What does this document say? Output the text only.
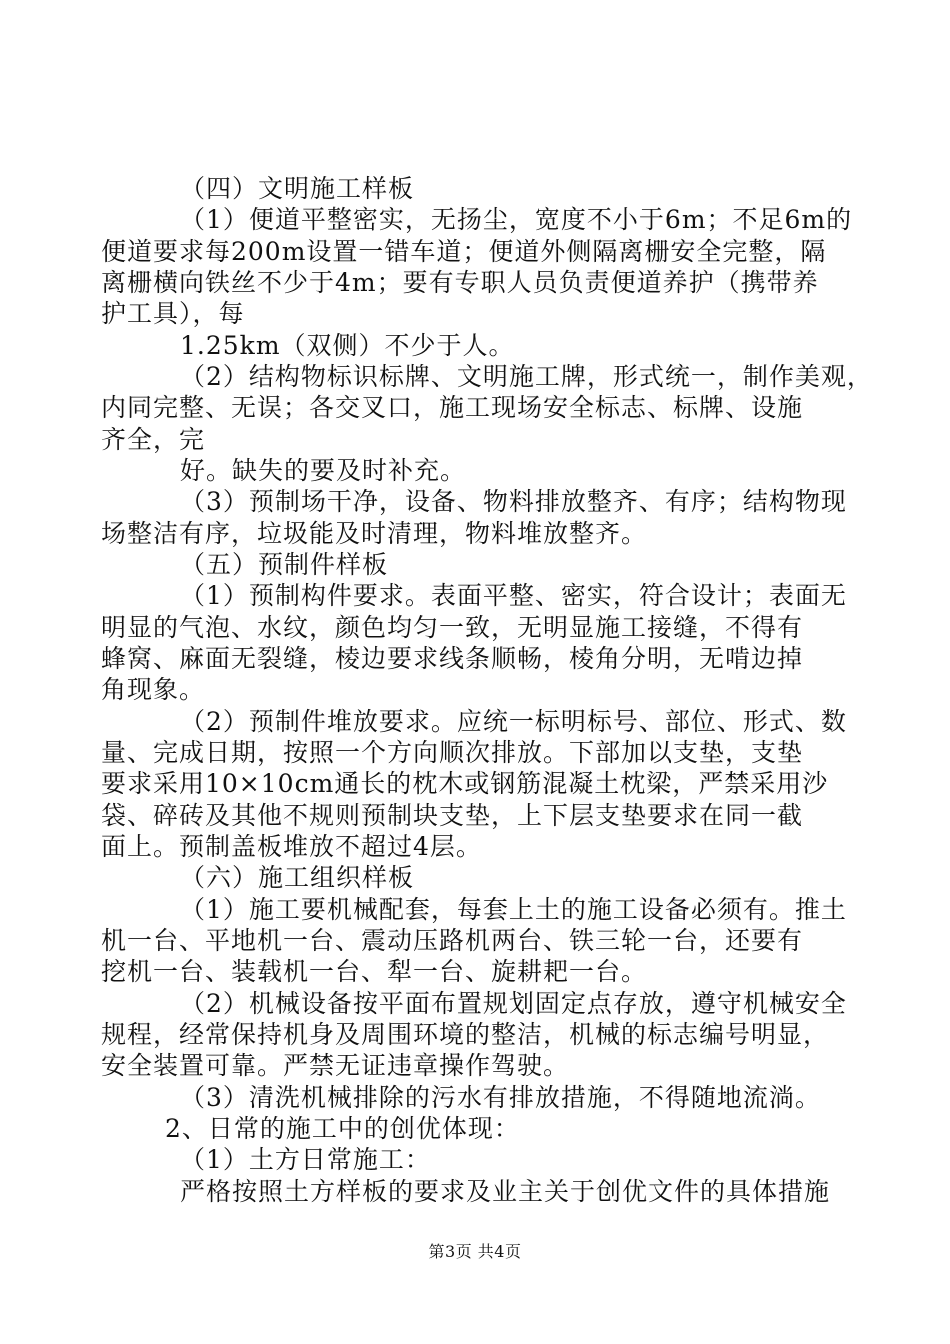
（四）文明施工样板
（1）便道平整密实，无扬尘，宽度不小于6m；不足6m的
便道要求每200m设置一错车道；便道外侧隔离栅安全完整，隔
离栅横向铁丝不少于4m；要有专职人员负责便道养护（携带养
护工具），每
1.25km（双侧）不少于人。
（2）结构物标识标牌、文明施工牌，形式统一，制作美观，
内同完整、无误；各交叉口，施工现场安全标志、标牌、设施
齐全，完
好。缺失的要及时补充。
（3）预制场干净，设备、物料排放整齐、有序；结构物现
场整洁有序，垃圾能及时清理，物料堆放整齐。
（五）预制件样板
（1）预制构件要求。表面平整、密实，符合设计；表面无
明显的气泡、水纹，颜色均匀一致，无明显施工接缝，不得有
蜂窝、麻面无裂缝，棱边要求线条顺畅，棱角分明，无啃边掉
角现象。
（2）预制件堆放要求。应统一标明标号、部位、形式、数
量、完成日期，按照一个方向顺次排放。下部加以支垫，支垫
要求采用10×10cm通长的枕木或钢筋混凝土枕梁，严禁采用沙
袋、碎砖及其他不规则预制块支垫，上下层支垫要求在同一截
面上。预制盖板堆放不超过4层。
（六）施工组织样板
（1）施工要机械配套，每套上土的施工设备必须有。推土
机一台、平地机一台、震动压路机两台、铁三轮一台，还要有
挖机一台、装载机一台、犁一台、旋耕耙一台。
（2）机械设备按平面布置规划固定点存放，遵守机械安全
规程，经常保持机身及周围环境的整洁，机械的标志编号明显，
安全装置可靠。严禁无证违章操作驾驶。
（3）清洗机械排除的污水有排放措施，不得随地流淌。
2、日常的施工中的创优体现：
（1）土方日常施工：
严格按照土方样板的要求及业主关于创优文件的具体措施
第3页 共4页
